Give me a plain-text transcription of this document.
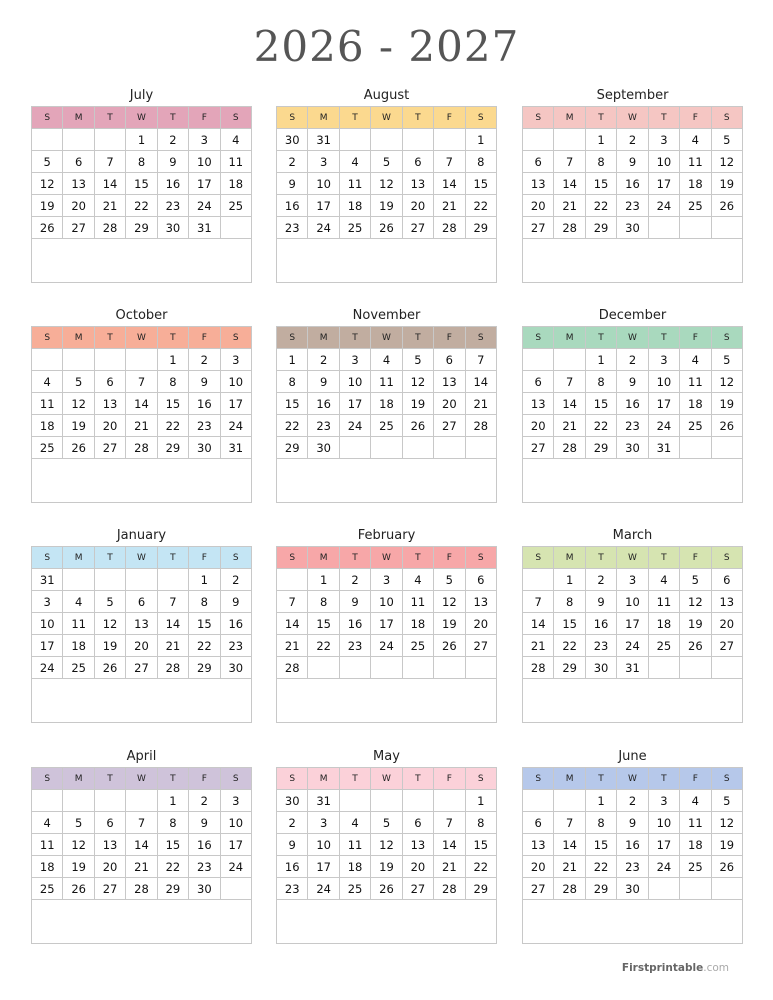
2026 - 2027
July
S	M	T	W	T	F	S
			1	2	3	4
5	6	7	8	9	10	11
12	13	14	15	16	17	18
19	20	21	22	23	24	25
26	27	28	29	30	31	

August
S	M	T	W	T	F	S
30	31					1
2	3	4	5	6	7	8
9	10	11	12	13	14	15
16	17	18	19	20	21	22
23	24	25	26	27	28	29

September
S	M	T	W	T	F	S
		1	2	3	4	5
6	7	8	9	10	11	12
13	14	15	16	17	18	19
20	21	22	23	24	25	26
27	28	29	30			

October
S	M	T	W	T	F	S
				1	2	3
4	5	6	7	8	9	10
11	12	13	14	15	16	17
18	19	20	21	22	23	24
25	26	27	28	29	30	31

November
S	M	T	W	T	F	S
1	2	3	4	5	6	7
8	9	10	11	12	13	14
15	16	17	18	19	20	21
22	23	24	25	26	27	28
29	30					

December
S	M	T	W	T	F	S
		1	2	3	4	5
6	7	8	9	10	11	12
13	14	15	16	17	18	19
20	21	22	23	24	25	26
27	28	29	30	31		

January
S	M	T	W	T	F	S
31					1	2
3	4	5	6	7	8	9
10	11	12	13	14	15	16
17	18	19	20	21	22	23
24	25	26	27	28	29	30

February
S	M	T	W	T	F	S
	1	2	3	4	5	6
7	8	9	10	11	12	13
14	15	16	17	18	19	20
21	22	23	24	25	26	27
28						

March
S	M	T	W	T	F	S
	1	2	3	4	5	6
7	8	9	10	11	12	13
14	15	16	17	18	19	20
21	22	23	24	25	26	27
28	29	30	31			

April
S	M	T	W	T	F	S
				1	2	3
4	5	6	7	8	9	10
11	12	13	14	15	16	17
18	19	20	21	22	23	24
25	26	27	28	29	30	

May
S	M	T	W	T	F	S
30	31					1
2	3	4	5	6	7	8
9	10	11	12	13	14	15
16	17	18	19	20	21	22
23	24	25	26	27	28	29

June
S	M	T	W	T	F	S
		1	2	3	4	5
6	7	8	9	10	11	12
13	14	15	16	17	18	19
20	21	22	23	24	25	26
27	28	29	30			

Firstprintable.com
